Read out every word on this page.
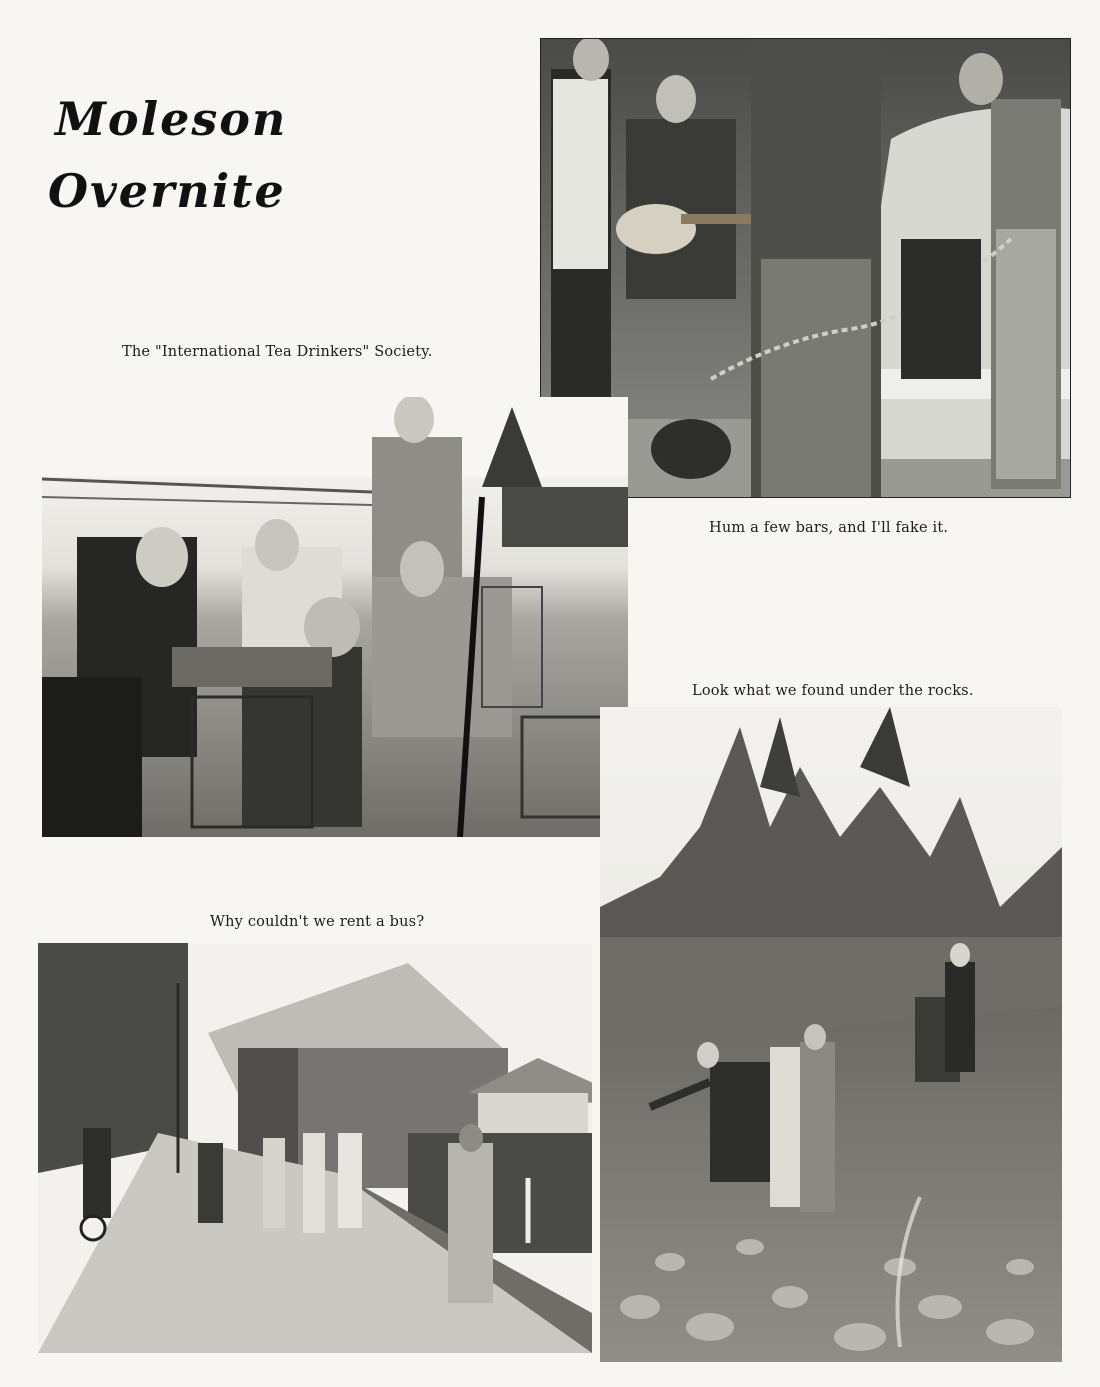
Moleson
Overnite
The "International Tea Drinkers" Society.
Hum a few bars, and I'll fake it.
Look what we found under the rocks.
Why couldn't we rent a bus?
